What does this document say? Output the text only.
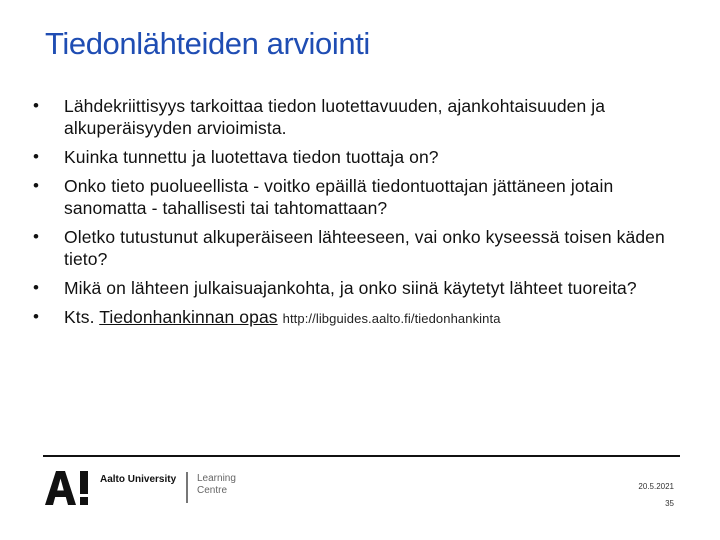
Tiedonlähteiden arviointi
• Lähdekriittisyys tarkoittaa tiedon luotettavuuden, ajankohtaisuuden ja alkuperäisyyden arvioimista.
• Kuinka tunnettu ja luotettava tiedon tuottaja on?
• Onko tieto puolueellista - voitko epäillä tiedontuottajan jättäneen jotain sanomatta - tahallisesti tai tahtomattaan?
• Oletko tutustunut alkuperäiseen lähteeseen, vai onko kyseessä toisen käden tieto?
• Mikä on lähteen julkaisuajankohta, ja onko siinä käytetyt lähteet tuoreita?
• Kts. Tiedonhankinnan opas http://libguides.aalto.fi/tiedonhankinta
Aalto University Learning
Centre	20.5.2021
35
